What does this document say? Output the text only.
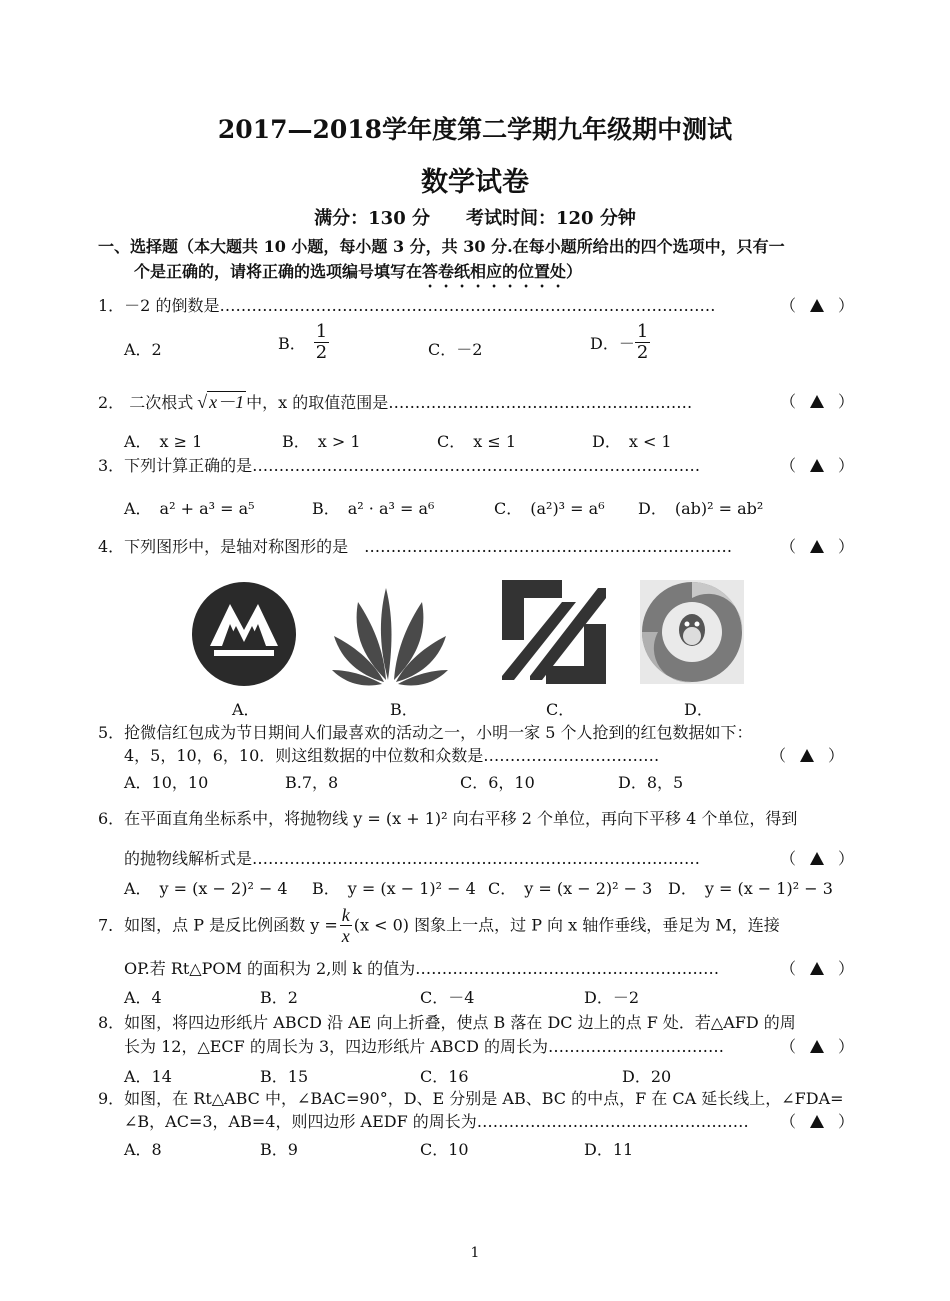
2017—2018学年度第二学期九年级期中测试
数学试卷
满分：130 分　　考试时间：120 分钟
一、选择题（本大题共 10 小题，每小题 3 分，共 30 分.在每小题所给出的四个选项中，只有一
个是正确的，请将正确的选项编号填写在答卷纸相应的位置处）
1．－2 的倒数是…………………………………………………………………………………	（	）
A．2	B． $\frac{1}{2}$	C．－2	D．－ $\frac{1}{2}$
2． 二次根式 √ x－1 中，x 的取值范围是…………………………………………………	（	）
A．　x ≥ 1	B．　x > 1	C．　x ≤ 1	D．　x < 1
3．下列计算正确的是…………………………………………………………………………	（	）
A．　a² + a³ = a⁵	B．　a² · a³ = a⁶	C．　(a²)³ = a⁶ D．　(ab)² = ab²
4．下列图形中，是轴对称图形的是　……………………………………………………………	（	）
A．	B．	C．	D．
5．抢微信红包成为节日期间人们最喜欢的活动之一，小明一家 5 个人抢到的红包数据如下：
4，5，10，6，10．则这组数据的中位数和众数是……………………………	（	）
A．10，10	B.7，8	C．6，10	D．8，5
6．在平面直角坐标系中，将抛物线 y = (x + 1)² 向右平移 2 个单位，再向下平移 4 个单位，得到
的抛物线解析式是…………………………………………………………………………	（	）
A．　y = (x − 2)² − 4 B．　y = (x − 1)² − 4 C．　y = (x − 2)² − 3 D．　y = (x − 1)² − 3
7．如图，点 P 是反比例函数 $y = \frac{k}{x} (x < 0)$ 图象上一点，过 P 向 x 轴作垂线，垂足为 M，连接
OP.若 Rt△POM 的面积为 2,则 k 的值为…………………………………………………	（	）
A．4	B．2	C．－4	D．－2
8．如图，将四边形纸片 ABCD 沿 AE 向上折叠，使点 B 落在 DC 边上的点 F 处．若△AFD 的周
长为 12，△ECF 的周长为 3，四边形纸片 ABCD 的周长为……………………………	（	）
A．14	B．15	C．16	D．20
9．如图，在 Rt△ABC 中，∠BAC=90°，D、E 分别是 AB、BC 的中点，F 在 CA 延长线上，∠FDA=
∠B，AC=3，AB=4，则四边形 AEDF 的周长为…………………………………………… （	）
A．8	B．9	C．10	D．11
1
